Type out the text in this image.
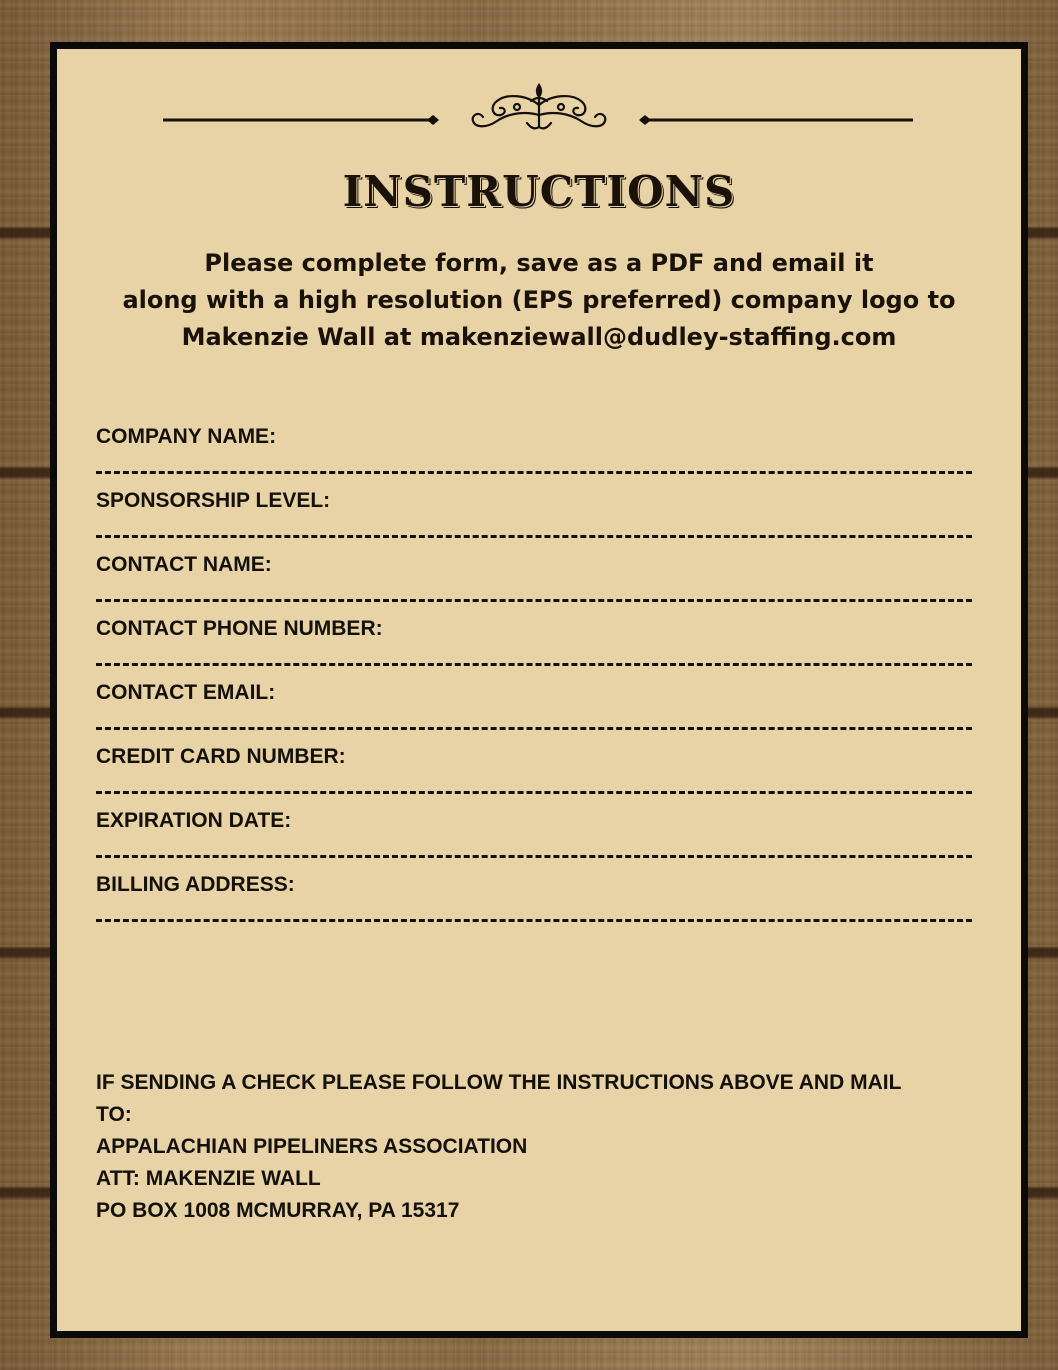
INSTRUCTIONS
Please complete form, save as a PDF and email it
along with a high resolution (EPS preferred) company logo to
Makenzie Wall at makenziewall@dudley-staffing.com
COMPANY NAME:
SPONSORSHIP LEVEL:
CONTACT NAME:
CONTACT PHONE NUMBER:
CONTACT EMAIL:
CREDIT CARD NUMBER:
EXPIRATION DATE:
BILLING ADDRESS:
IF SENDING A CHECK PLEASE FOLLOW THE INSTRUCTIONS ABOVE AND MAIL
TO:
APPALACHIAN PIPELINERS ASSOCIATION
ATT: MAKENZIE WALL
PO BOX 1008 MCMURRAY, PA 15317
